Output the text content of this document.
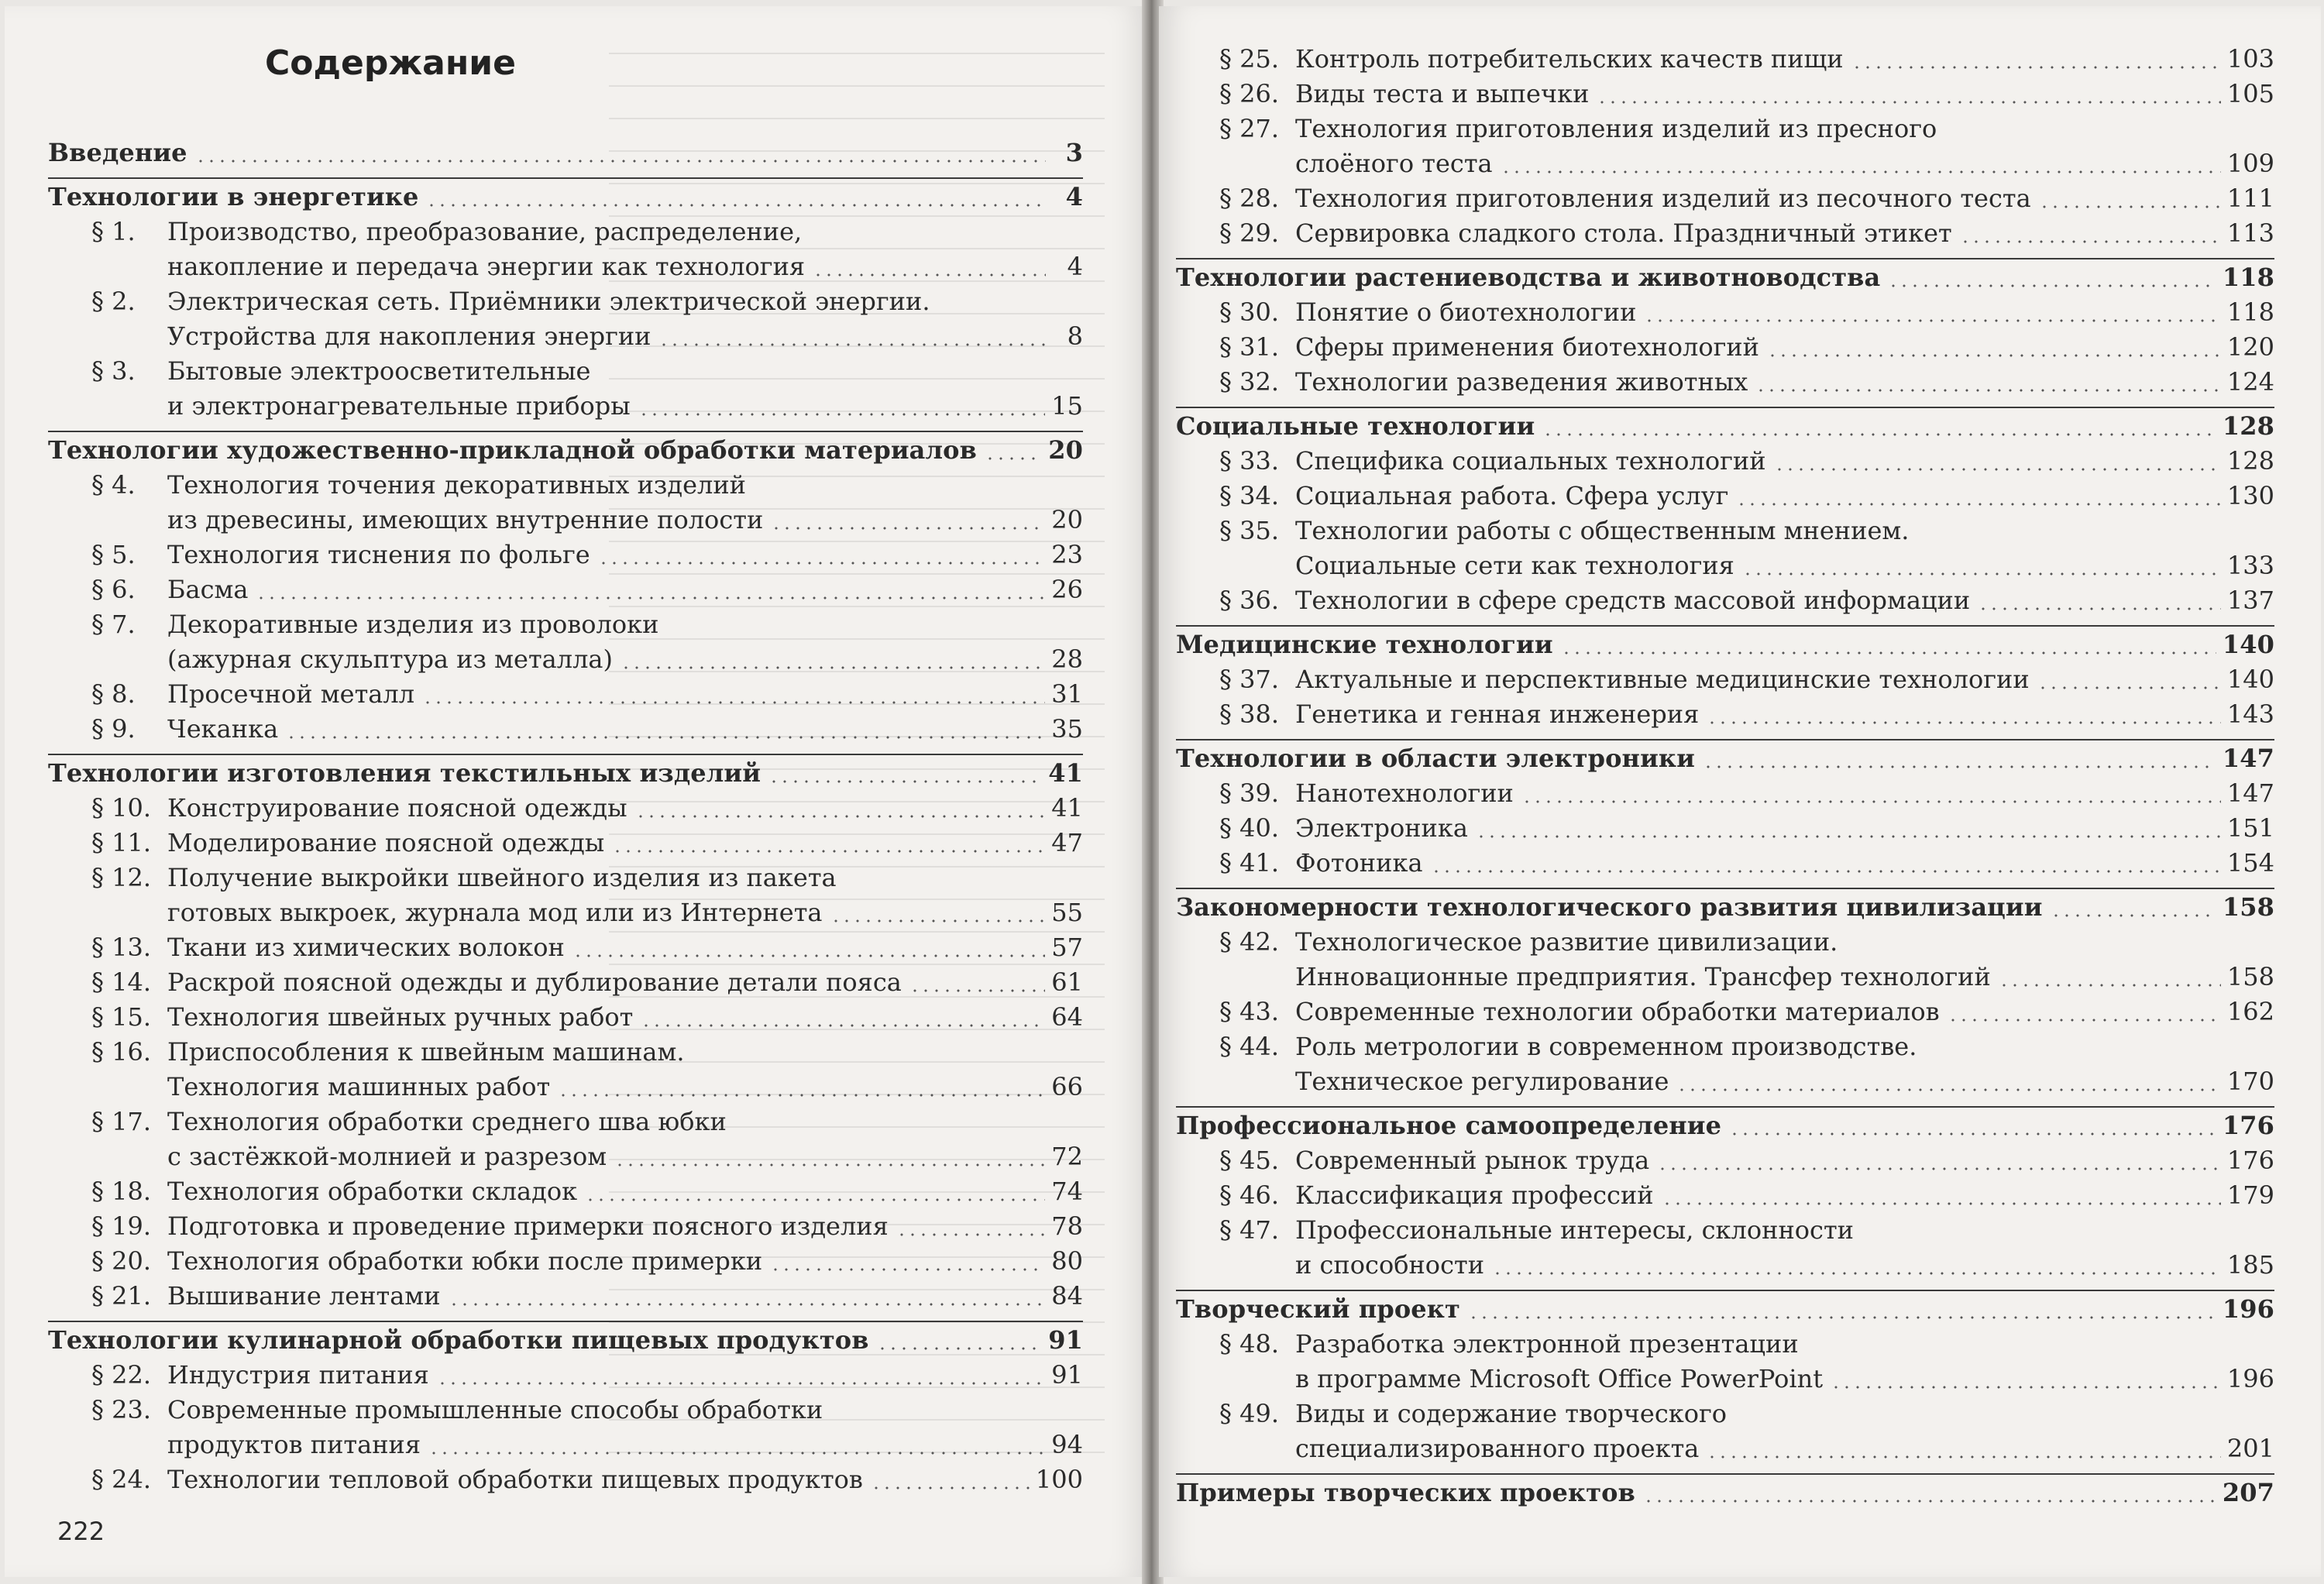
Содержание
Введение	3
Технологии в энергетике	4
§ 1.	Производство, преобразование, распределение,
накопление и передача энергии как технология	4
§ 2.	Электрическая сеть. Приёмники электрической энергии.
Устройства для накопления энергии	8
§ 3.	Бытовые электроосветительные
и электронагревательные приборы	15
Технологии художественно-прикладной обработки материалов	20
§ 4.	Технология точения декоративных изделий
из древесины, имеющих внутренние полости	20
§ 5.	Технология тиснения по фольге	23
§ 6.	Басма	26
§ 7.	Декоративные изделия из проволоки
(ажурная скульптура из металла)	28
§ 8.	Просечной металл	31
§ 9.	Чеканка	35
Технологии изготовления текстильных изделий	41
§ 10. Конструирование поясной одежды	41
§ 11. Моделирование поясной одежды	47
§ 12. Получение выкройки швейного изделия из пакета
готовых выкроек, журнала мод или из Интернета	55
§ 13. Ткани из химических волокон	57
§ 14. Раскрой поясной одежды и дублирование детали пояса	61
§ 15. Технология швейных ручных работ	64
§ 16. Приспособления к швейным машинам.
Технология машинных работ	66
§ 17. Технология обработки среднего шва юбки
с застёжкой-молнией и разрезом	72
§ 18. Технология обработки складок	74
§ 19. Подготовка и проведение примерки поясного изделия	78
§ 20. Технология обработки юбки после примерки	80
§ 21. Вышивание лентами	84
Технологии кулинарной обработки пищевых продуктов	91
§ 22. Индустрия питания	91
§ 23. Современные промышленные способы обработки
продуктов питания	94
§ 24. Технологии тепловой обработки пищевых продуктов	100
222
§ 25. Контроль потребительских качеств пищи	103
§ 26. Виды теста и выпечки	105
§ 27. Технология приготовления изделий из пресного
слоёного теста	109
§ 28. Технология приготовления изделий из песочного теста	111
§ 29. Сервировка сладкого стола. Праздничный этикет	113
Технологии растениеводства и животноводства	118
§ 30. Понятие о биотехнологии	118
§ 31. Сферы применения биотехнологий	120
§ 32. Технологии разведения животных	124
Социальные технологии	128
§ 33. Специфика социальных технологий	128
§ 34. Социальная работа. Сфера услуг	130
§ 35. Технологии работы с общественным мнением.
Социальные сети как технология	133
§ 36. Технологии в сфере средств массовой информации	137
Медицинские технологии	140
§ 37. Актуальные и перспективные медицинские технологии	140
§ 38. Генетика и генная инженерия	143
Технологии в области электроники	147
§ 39. Нанотехнологии	147
§ 40. Электроника	151
§ 41. Фотоника	154
Закономерности технологического развития цивилизации	158
§ 42. Технологическое развитие цивилизации.
Инновационные предприятия. Трансфер технологий	158
§ 43. Современные технологии обработки материалов	162
§ 44. Роль метрологии в современном производстве.
Техническое регулирование	170
Профессиональное самоопределение	176
§ 45. Современный рынок труда	176
§ 46. Классификация профессий	179
§ 47. Профессиональные интересы, склонности
и способности	185
Творческий проект	196
§ 48. Разработка электронной презентации
в программе Microsoft Office PowerPoint	196
§ 49. Виды и содержание творческого
специализированного проекта	201
Примеры творческих проектов	207
